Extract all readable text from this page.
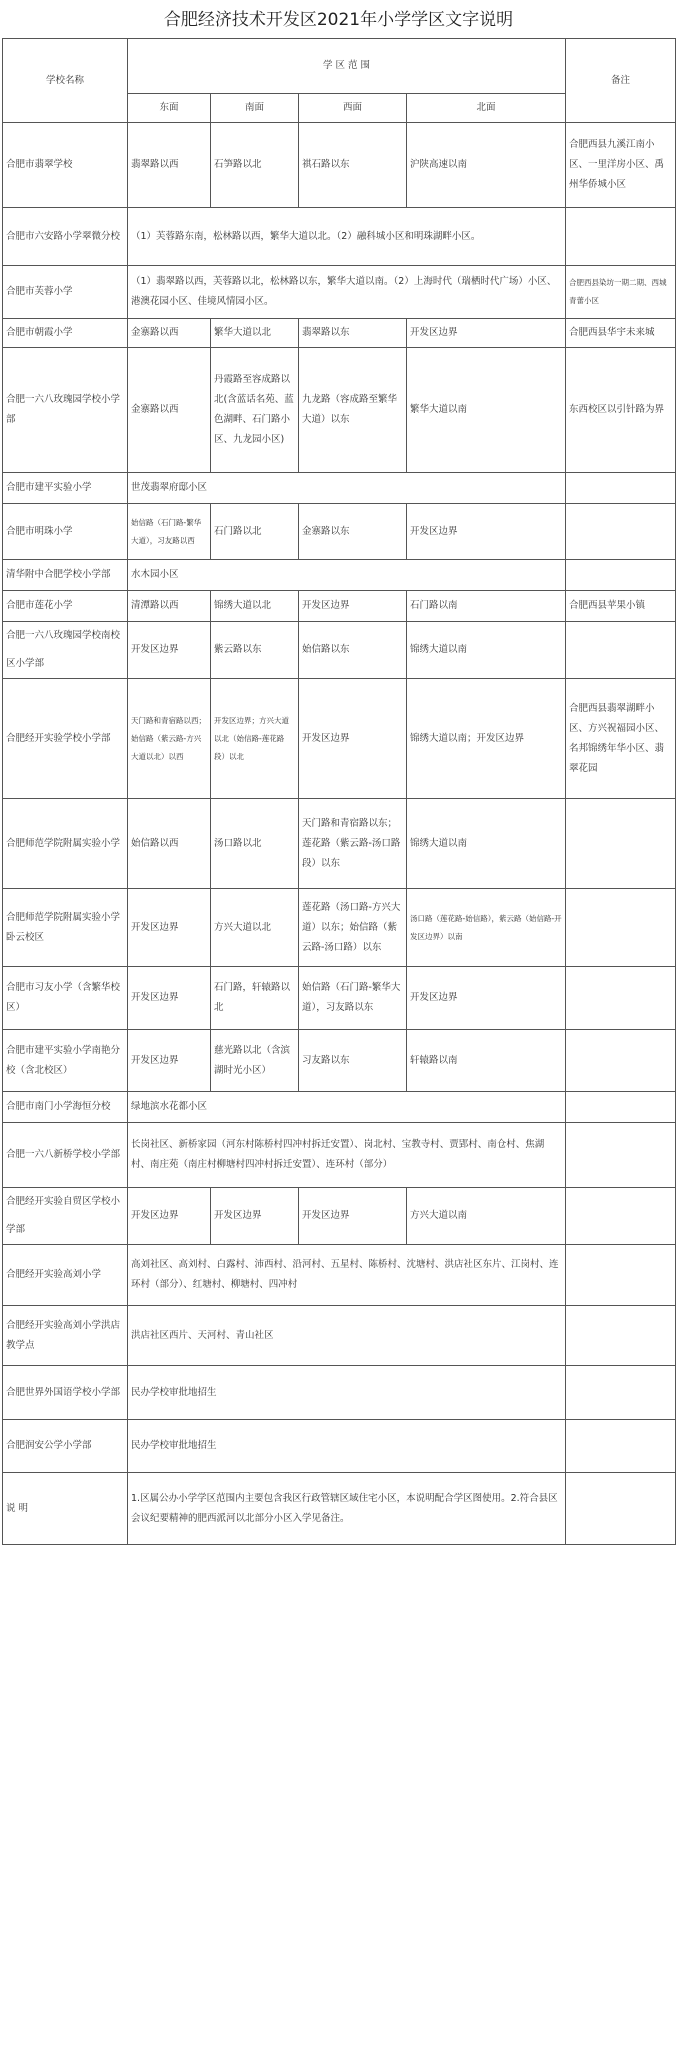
合肥经济技术开发区2021年小学学区文字说明
学校名称	学 区 范 围				备注
	东面	南面	西面	北面	
合肥市翡翠学校	翡翠路以西	石笋路以北	祺石路以东	沪陕高速以南	合肥西县九溪江南小区、一里洋房小区、禹州华侨城小区
合肥市六安路小学翠微分校	（1）芙蓉路东南，松林路以西，繁华大道以北。（2）融科城小区和明珠湖畔小区。				
合肥市芙蓉小学	（1）翡翠路以西，芙蓉路以北，松林路以东，繁华大道以南。（2）上海时代（瑞栖时代广场）小区、港澳花园小区、佳境风情园小区。				合肥西县染坊一期二期、西城青蕾小区
合肥市朝霞小学	金寨路以西	繁华大道以北	翡翠路以东	开发区边界	合肥西县华宇未来城
合肥一六八玫瑰园学校小学部	金寨路以西	丹霞路至容成路以北(含蓝话名苑、蓝色湖畔、石门路小区、九龙园小区)	九龙路（容成路至繁华大道）以东	繁华大道以南	东西校区以引针路为界
合肥市建平实验小学	世茂翡翠府邸小区				
合肥市明珠小学	始信路（石门路-繁华大道），习友路以西	石门路以北	金寨路以东	开发区边界	
清华附中合肥学校小学部	水木园小区				
合肥市莲花小学	清潭路以西	锦绣大道以北	开发区边界	石门路以南	合肥西县苹果小镇
合肥一六八玫瑰园学校南校区小学部	开发区边界	紫云路以东	始信路以东	锦绣大道以南	
合肥经开实验学校小学部	天门路和青宿路以西；始信路（紫云路-方兴大道以北）以西	开发区边界；方兴大道以北（始信路-莲花路段）以北	开发区边界	锦绣大道以南；开发区边界	合肥西县翡翠湖畔小区、方兴祝福园小区、名邦锦绣年华小区、翡翠花园
合肥师范学院附属实验小学	始信路以西	汤口路以北	天门路和青宿路以东；莲花路（紫云路-汤口路段）以东	锦绣大道以南	
合肥师范学院附属实验小学卧云校区	开发区边界	方兴大道以北	莲花路（汤口路-方兴大道）以东；始信路（紫云路-汤口路）以东	汤口路（莲花路-始信路），紫云路（始信路-开发区边界）以南	
合肥市习友小学（含繁华校区）	开发区边界	石门路，轩辕路以北	始信路（石门路-繁华大道），习友路以东	开发区边界	
合肥市建平实验小学南艳分校（含北校区）	开发区边界	慈光路以北（含滨湖时光小区）	习友路以东	轩辕路以南	
合肥市南门小学海恒分校	绿地滨水花都小区				
合肥一六八新桥学校小学部	长岗社区、新桥家园（河东村陈桥村四冲村拆迁安置）、岗北村、宝教寺村、贾郢村、南仓村、焦湖村、南庄苑（南庄村柳塘村四冲村拆迁安置）、连环村（部分）				
合肥经开实验自贸区学校小学部	开发区边界	开发区边界	开发区边界	方兴大道以南	
合肥经开实验高刘小学	高刘社区、高刘村、白露村、沛西村、沿河村、五星村、陈桥村、沈塘村、洪店社区东片、江岗村、连环村（部分）、红塘村、柳塘村、四冲村				
合肥经开实验高刘小学洪店教学点	洪店社区西片、天河村、青山社区				
合肥世界外国语学校小学部	民办学校审批地招生				
合肥润安公学小学部	民办学校审批地招生				
说 明	1.区属公办小学学区范围内主要包含我区行政管辖区域住宅小区，本说明配合学区图使用。2.符合县区会议纪要精神的肥西派河以北部分小区入学见备注。				
